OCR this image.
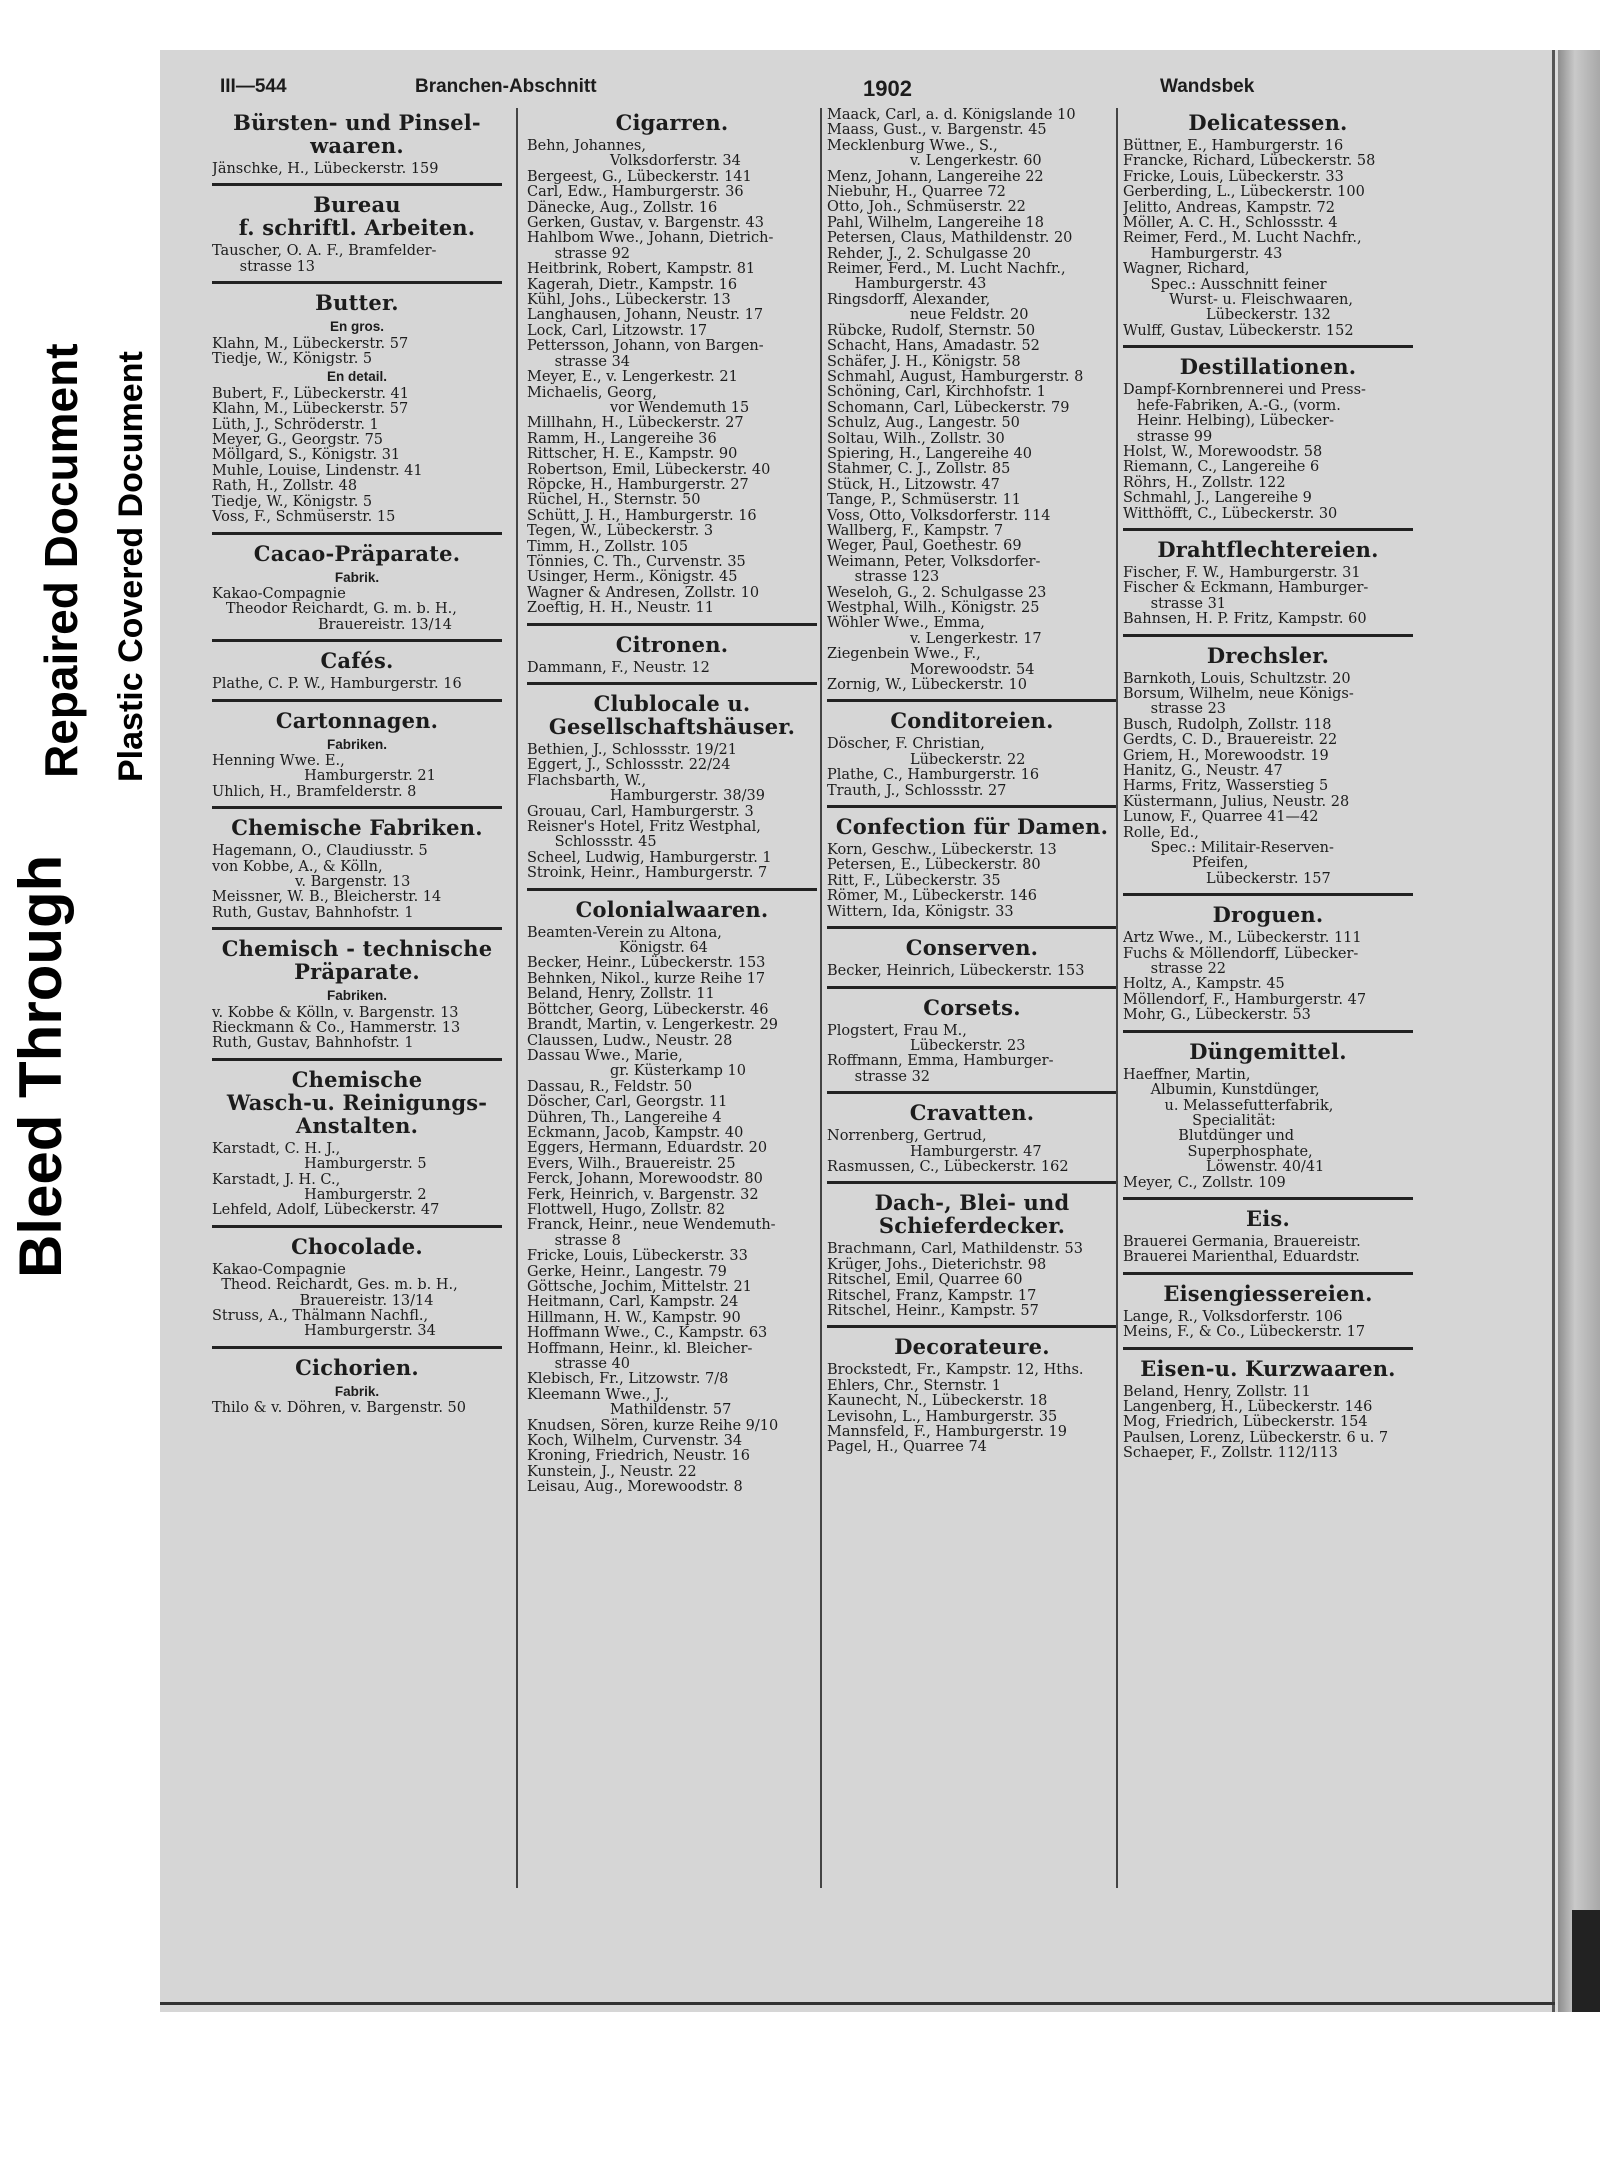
Bleed Through
Repaired Document Plastic Covered Document
III—544	Branchen-Abschnitt	1902	Wandsbek
Bürsten- und Pinsel-
waaren.
Jänschke, H., Lübeckerstr. 159
Bureau
f. schriftl. Arbeiten.
Tauscher, O. A. F., Bramfelder-
strasse 13
Butter.
En gros.
Klahn, M., Lübeckerstr. 57
Tiedje, W., Königstr. 5
En detail.
Bubert, F., Lübeckerstr. 41
Klahn, M., Lübeckerstr. 57
Lüth, J., Schröderstr. 1
Meyer, G., Georgstr. 75
Möllgard, S., Königstr. 31
Muhle, Louise, Lindenstr. 41
Rath, H., Zollstr. 48
Tiedje, W., Königstr. 5
Voss, F., Schmüserstr. 15
Cacao-Präparate.
Fabrik.
Kakao-Compagnie
Theodor Reichardt, G. m. b. H.,
Brauereistr. 13/14
Cafés.
Plathe, C. P. W., Hamburgerstr. 16
Cartonnagen.
Fabriken.
Henning Wwe. E.,
Hamburgerstr. 21
Uhlich, H., Bramfelderstr. 8
Chemische Fabriken.
Hagemann, O., Claudiusstr. 5
von Kobbe, A., & Kölln,
v. Bargenstr. 13
Meissner, W. B., Bleicherstr. 14
Ruth, Gustav, Bahnhofstr. 1
Chemisch - technische
Präparate.
Fabriken.
v. Kobbe & Kölln, v. Bargenstr. 13
Rieckmann & Co., Hammerstr. 13
Ruth, Gustav, Bahnhofstr. 1
Chemische
Wasch-u. Reinigungs-
Anstalten.
Karstadt, C. H. J.,
Hamburgerstr. 5
Karstadt, J. H. C.,
Hamburgerstr. 2
Lehfeld, Adolf, Lübeckerstr. 47
Chocolade.
Kakao-Compagnie
Theod. Reichardt, Ges. m. b. H.,
Brauereistr. 13/14
Struss, A., Thälmann Nachfl.,
Hamburgerstr. 34
Cichorien.
Fabrik.
Thilo & v. Döhren, v. Bargenstr. 50
Cigarren.
Behn, Johannes,
Volksdorferstr. 34
Bergeest, G., Lübeckerstr. 141
Carl, Edw., Hamburgerstr. 36
Dänecke, Aug., Zollstr. 16
Gerken, Gustav, v. Bargenstr. 43
Hahlbom Wwe., Johann, Dietrich-
strasse 92
Heitbrink, Robert, Kampstr. 81
Kagerah, Dietr., Kampstr. 16
Kühl, Johs., Lübeckerstr. 13
Langhausen, Johann, Neustr. 17
Lock, Carl, Litzowstr. 17
Pettersson, Johann, von Bargen-
strasse 34
Meyer, E., v. Lengerkestr. 21
Michaelis, Georg,
vor Wendemuth 15
Millhahn, H., Lübeckerstr. 27
Ramm, H., Langereihe 36
Rittscher, H. E., Kampstr. 90
Robertson, Emil, Lübeckerstr. 40
Röpcke, H., Hamburgerstr. 27
Rüchel, H., Sternstr. 50
Schütt, J. H., Hamburgerstr. 16
Tegen, W., Lübeckerstr. 3
Timm, H., Zollstr. 105
Tönnies, C. Th., Curvenstr. 35
Usinger, Herm., Königstr. 45
Wagner & Andresen, Zollstr. 10
Zoeftig, H. H., Neustr. 11
Citronen.
Dammann, F., Neustr. 12
Clublocale u.
Gesellschaftshäuser.
Bethien, J., Schlossstr. 19/21
Eggert, J., Schlossstr. 22/24
Flachsbarth, W.,
Hamburgerstr. 38/39
Grouau, Carl, Hamburgerstr. 3
Reisner's Hotel, Fritz Westphal,
Schlossstr. 45
Scheel, Ludwig, Hamburgerstr. 1
Stroink, Heinr., Hamburgerstr. 7
Colonialwaaren.
Beamten-Verein zu Altona,
Königstr. 64
Becker, Heinr., Lübeckerstr. 153
Behnken, Nikol., kurze Reihe 17
Beland, Henry, Zollstr. 11
Böttcher, Georg, Lübeckerstr. 46
Brandt, Martin, v. Lengerkestr. 29
Claussen, Ludw., Neustr. 28
Dassau Wwe., Marie,
gr. Küsterkamp 10
Dassau, R., Feldstr. 50
Döscher, Carl, Georgstr. 11
Dühren, Th., Langereihe 4
Eckmann, Jacob, Kampstr. 40
Eggers, Hermann, Eduardstr. 20
Evers, Wilh., Brauereistr. 25
Ferck, Johann, Morewoodstr. 80
Ferk, Heinrich, v. Bargenstr. 32
Flottwell, Hugo, Zollstr. 82
Franck, Heinr., neue Wendemuth-
strasse 8
Fricke, Louis, Lübeckerstr. 33
Gerke, Heinr., Langestr. 79
Göttsche, Jochim, Mittelstr. 21
Heitmann, Carl, Kampstr. 24
Hillmann, H. W., Kampstr. 90
Hoffmann Wwe., C., Kampstr. 63
Hoffmann, Heinr., kl. Bleicher-
strasse 40
Klebisch, Fr., Litzowstr. 7/8
Kleemann Wwe., J.,
Mathildenstr. 57
Knudsen, Sören, kurze Reihe 9/10
Koch, Wilhelm, Curvenstr. 34
Kroning, Friedrich, Neustr. 16
Kunstein, J., Neustr. 22
Leisau, Aug., Morewoodstr. 8
Maack, Carl, a. d. Königslande 10
Maass, Gust., v. Bargenstr. 45
Mecklenburg Wwe., S.,
v. Lengerkestr. 60
Menz, Johann, Langereihe 22
Niebuhr, H., Quarree 72
Otto, Joh., Schmüserstr. 22
Pahl, Wilhelm, Langereihe 18
Petersen, Claus, Mathildenstr. 20
Rehder, J., 2. Schulgasse 20
Reimer, Ferd., M. Lucht Nachfr.,
Hamburgerstr. 43
Ringsdorff, Alexander,
neue Feldstr. 20
Rübcke, Rudolf, Sternstr. 50
Schacht, Hans, Amadastr. 52
Schäfer, J. H., Königstr. 58
Schmahl, August, Hamburgerstr. 8
Schöning, Carl, Kirchhofstr. 1
Schomann, Carl, Lübeckerstr. 79
Schulz, Aug., Langestr. 50
Soltau, Wilh., Zollstr. 30
Spiering, H., Langereihe 40
Stahmer, C. J., Zollstr. 85
Stück, H., Litzowstr. 47
Tange, P., Schmüserstr. 11
Voss, Otto, Volksdorferstr. 114
Wallberg, F., Kampstr. 7
Weger, Paul, Goethestr. 69
Weimann, Peter, Volksdorfer-
strasse 123
Weseloh, G., 2. Schulgasse 23
Westphal, Wilh., Königstr. 25
Wöhler Wwe., Emma,
v. Lengerkestr. 17
Ziegenbein Wwe., F.,
Morewoodstr. 54
Zornig, W., Lübeckerstr. 10
Conditoreien.
Döscher, F. Christian,
Lübeckerstr. 22
Plathe, C., Hamburgerstr. 16
Trauth, J., Schlossstr. 27
Confection für Damen.
Korn, Geschw., Lübeckerstr. 13
Petersen, E., Lübeckerstr. 80
Ritt, F., Lübeckerstr. 35
Römer, M., Lübeckerstr. 146
Wittern, Ida, Königstr. 33
Conserven.
Becker, Heinrich, Lübeckerstr. 153
Corsets.
Plogstert, Frau M.,
Lübeckerstr. 23
Roffmann, Emma, Hamburger-
strasse 32
Cravatten.
Norrenberg, Gertrud,
Hamburgerstr. 47
Rasmussen, C., Lübeckerstr. 162
Dach-, Blei- und
Schieferdecker.
Brachmann, Carl, Mathildenstr. 53
Krüger, Johs., Dieterichstr. 98
Ritschel, Emil, Quarree 60
Ritschel, Franz, Kampstr. 17
Ritschel, Heinr., Kampstr. 57
Decorateure.
Brockstedt, Fr., Kampstr. 12, Hths.
Ehlers, Chr., Sternstr. 1
Kaunecht, N., Lübeckerstr. 18
Levisohn, L., Hamburgerstr. 35
Mannsfeld, F., Hamburgerstr. 19
Pagel, H., Quarree 74
Delicatessen.
Büttner, E., Hamburgerstr. 16
Francke, Richard, Lübeckerstr. 58
Fricke, Louis, Lübeckerstr. 33
Gerberding, L., Lübeckerstr. 100
Jelitto, Andreas, Kampstr. 72
Möller, A. C. H., Schlossstr. 4
Reimer, Ferd., M. Lucht Nachfr.,
Hamburgerstr. 43
Wagner, Richard,
Spec.: Ausschnitt feiner
Wurst- u. Fleischwaaren,
Lübeckerstr. 132
Wulff, Gustav, Lübeckerstr. 152
Destillationen.
Dampf-Kornbrennerei und Press-
hefe-Fabriken, A.-G., (vorm.
Heinr. Helbing), Lübecker-
strasse 99
Holst, W., Morewoodstr. 58
Riemann, C., Langereihe 6
Röhrs, H., Zollstr. 122
Schmahl, J., Langereihe 9
Witthöfft, C., Lübeckerstr. 30
Drahtflechtereien.
Fischer, F. W., Hamburgerstr. 31
Fischer & Eckmann, Hamburger-
strasse 31
Bahnsen, H. P. Fritz, Kampstr. 60
Drechsler.
Barnkoth, Louis, Schultzstr. 20
Borsum, Wilhelm, neue Königs-
strasse 23
Busch, Rudolph, Zollstr. 118
Gerdts, C. D., Brauereistr. 22
Griem, H., Morewoodstr. 19
Hanitz, G., Neustr. 47
Harms, Fritz, Wasserstieg 5
Küstermann, Julius, Neustr. 28
Lunow, F., Quarree 41—42
Rolle, Ed.,
Spec.: Militair-Reserven-
Pfeifen,
Lübeckerstr. 157
Droguen.
Artz Wwe., M., Lübeckerstr. 111
Fuchs & Möllendorff, Lübecker-
strasse 22
Holtz, A., Kampstr. 45
Möllendorf, F., Hamburgerstr. 47
Mohr, G., Lübeckerstr. 53
Düngemittel.
Haeffner, Martin,
Albumin, Kunstdünger,
u. Melassefutterfabrik,
Specialität:
Blutdünger und
Superphosphate,
Löwenstr. 40/41
Meyer, C., Zollstr. 109
Eis.
Brauerei Germania, Brauereistr.
Brauerei Marienthal, Eduardstr.
Eisengiessereien.
Lange, R., Volksdorferstr. 106
Meins, F., & Co., Lübeckerstr. 17
Eisen-u. Kurzwaaren.
Beland, Henry, Zollstr. 11
Langenberg, H., Lübeckerstr. 146
Mog, Friedrich, Lübeckerstr. 154
Paulsen, Lorenz, Lübeckerstr. 6 u. 7
Schaeper, F., Zollstr. 112/113
